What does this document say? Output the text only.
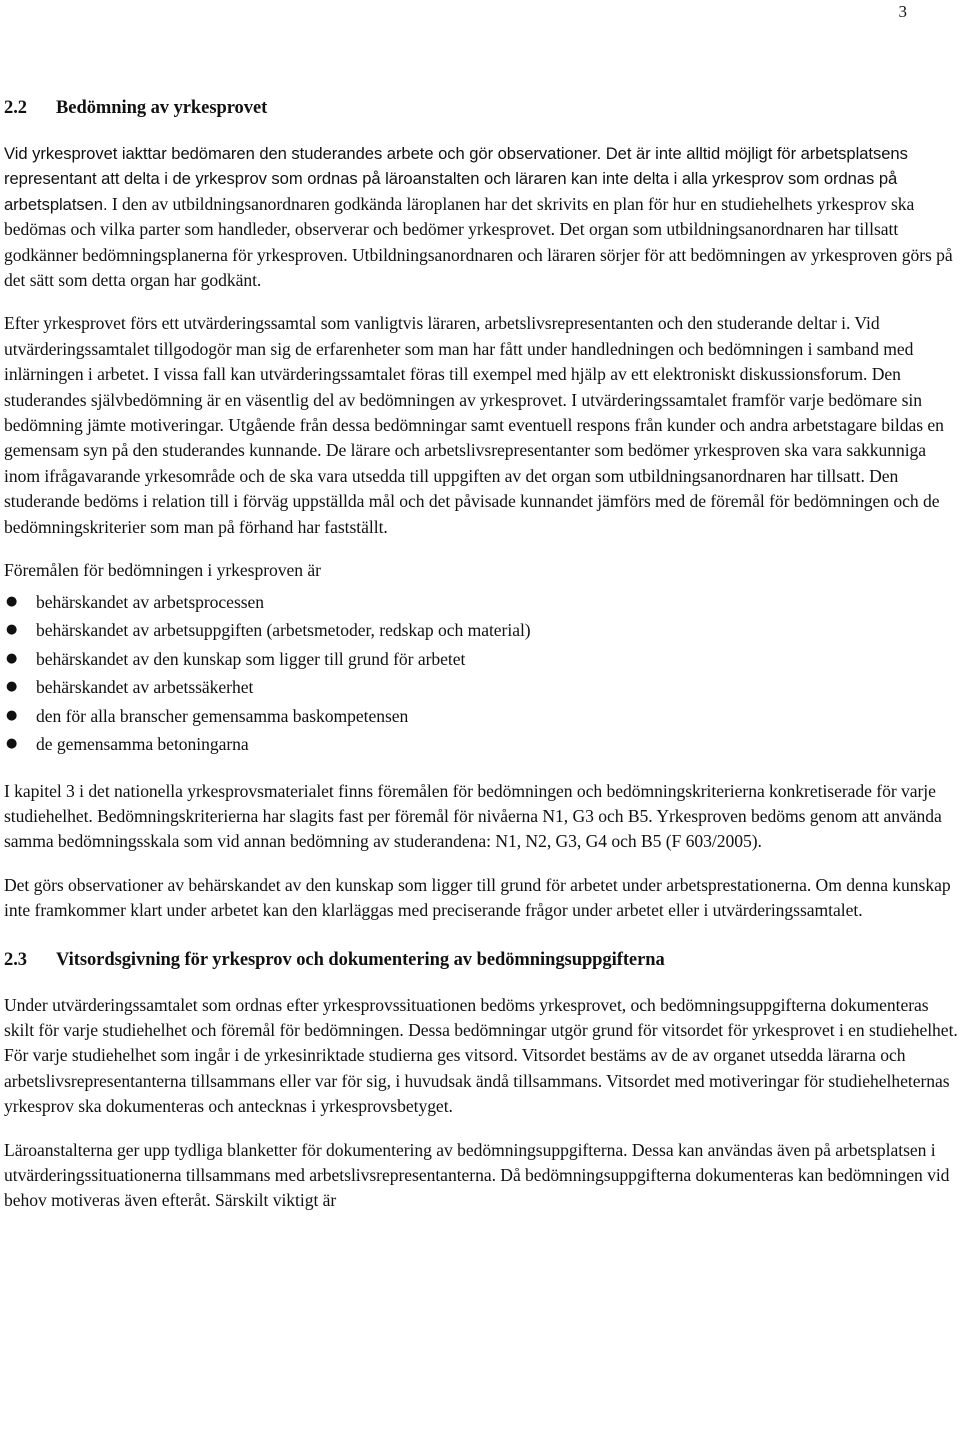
3
2.2	Bedömning av yrkesprovet

Vid yrkesprovet iakttar bedömaren den studerandes arbete och gör observationer. Det är inte alltid möjligt för arbetsplatsens representant att delta i de yrkesprov som ordnas på läroanstalten och läraren kan inte delta i alla yrkesprov som ordnas på arbetsplatsen. I den av utbildningsanordnaren godkända läroplanen har det skrivits en plan för hur en studiehelhets yrkesprov ska bedömas och vilka parter som handleder, observerar och bedömer yrkesprovet. Det organ som utbildningsanordnaren har tillsatt godkänner bedömningsplanerna för yrkesproven. Utbildningsanordnaren och läraren sörjer för att bedömningen av yrkesproven görs på det sätt som detta organ har godkänt.

Efter yrkesprovet förs ett utvärderingssamtal som vanligtvis läraren, arbetslivsrepresentanten och den studerande deltar i. Vid utvärderingssamtalet tillgodogör man sig de erfarenheter som man har fått under handledningen och bedömningen i samband med inlärningen i arbetet. I vissa fall kan utvärderingssamtalet föras till exempel med hjälp av ett elektroniskt diskussionsforum. Den studerandes självbedömning är en väsentlig del av bedömningen av yrkesprovet. I utvärderingssamtalet framför varje bedömare sin bedömning jämte motiveringar. Utgående från dessa bedömningar samt eventuell respons från kunder och andra arbetstagare bildas en gemensam syn på den studerandes kunnande. De lärare och arbetslivsrepresentanter som bedömer yrkesproven ska vara sakkunniga inom ifrågavarande yrkesområde och de ska vara utsedda till uppgiften av det organ som utbildningsanordnaren har tillsatt. Den studerande bedöms i relation till i förväg uppställda mål och det påvisade kunnandet jämförs med de föremål för bedömningen och de bedömningskriterier som man på förhand har fastställt.

Föremålen för bedömningen i yrkesproven är

● behärskandet av arbetsprocessen
● behärskandet av arbetsuppgiften (arbetsmetoder, redskap och material)
● behärskandet av den kunskap som ligger till grund för arbetet
● behärskandet av arbetssäkerhet
● den för alla branscher gemensamma baskompetensen
● de gemensamma betoningarna

I kapitel 3 i det nationella yrkesprovsmaterialet finns föremålen för bedömningen och bedömningskriterierna konkretiserade för varje studiehelhet. Bedömningskriterierna har slagits fast per föremål för nivåerna N1, G3 och B5. Yrkesproven bedöms genom att använda samma bedömningsskala som vid annan bedömning av studerandena: N1, N2, G3, G4 och B5 (F 603/2005).

Det görs observationer av behärskandet av den kunskap som ligger till grund för arbetet under arbetsprestationerna. Om denna kunskap inte framkommer klart under arbetet kan den klarläggas med preciserande frågor under arbetet eller i utvärderingssamtalet.

2.3	Vitsordsgivning för yrkesprov och dokumentering av bedömningsuppgifterna

Under utvärderingssamtalet som ordnas efter yrkesprovssituationen bedöms yrkesprovet, och bedömningsuppgifterna dokumenteras skilt för varje studiehelhet och föremål för bedömningen. Dessa bedömningar utgör grund för vitsordet för yrkesprovet i en studiehelhet. För varje studiehelhet som ingår i de yrkesinriktade studierna ges vitsord. Vitsordet bestäms av de av organet utsedda lärarna och arbetslivsrepresentanterna tillsammans eller var för sig, i huvudsak ändå tillsammans. Vitsordet med motiveringar för studiehelheternas yrkesprov ska dokumenteras och antecknas i yrkesprovsbetyget.

Läroanstalterna ger upp tydliga blanketter för dokumentering av bedömningsuppgifterna. Dessa kan användas även på arbetsplatsen i utvärderingssituationerna tillsammans med arbetslivsrepresentanterna. Då bedömningsuppgifterna dokumenteras kan bedömningen vid behov motiveras även efteråt. Särskilt viktigt är
